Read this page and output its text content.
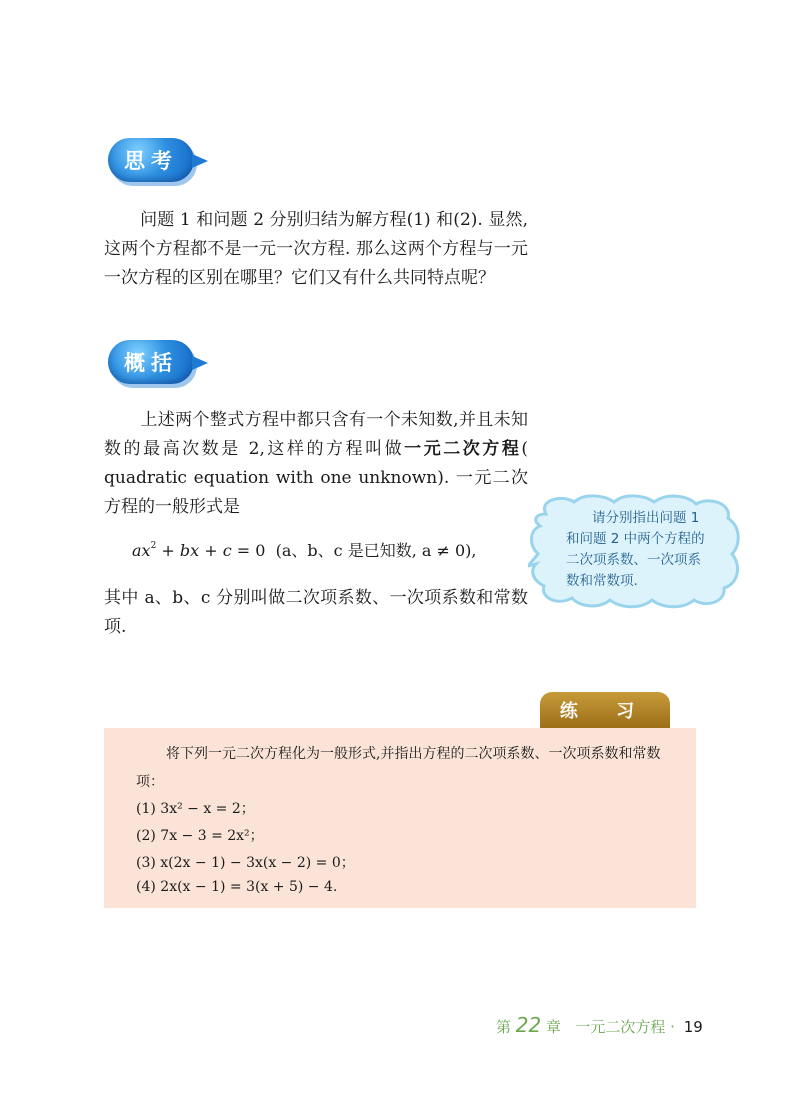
思考

问题 1 和问题 2 分别归结为解方程(1) 和(2). 显然,这两个方程都不是一元一次方程. 那么这两个方程与一元一次方程的区别在哪里？它们又有什么共同特点呢？

概括

上述两个整式方程中都只含有一个未知数,并且未知数的最高次数是 2,这样的方程叫做一元二次方程( quadratic equation with one unknown). 一元二次方程的一般形式是

$ax^2$ + bx + c = 0  (a、b、c 是已知数, a ≠ 0),

其中 a、b、c 分别叫做二次项系数、一次项系数和常数项.

请分别指出问题 1 和问题 2 中两个方程的二次项系数、一次项系数和常数项.

练 习

将下列一元二次方程化为一般形式,并指出方程的二次项系数、一次项系数和常数项：

(1) 3x² − x = 2；
(2) 7x − 3 = 2x²；
(3) x(2x − 1) − 3x(x − 2) = 0；
(4) 2x(x − 1) = 3(x + 5) − 4.
第 22 章 一元二次方程 · 19
